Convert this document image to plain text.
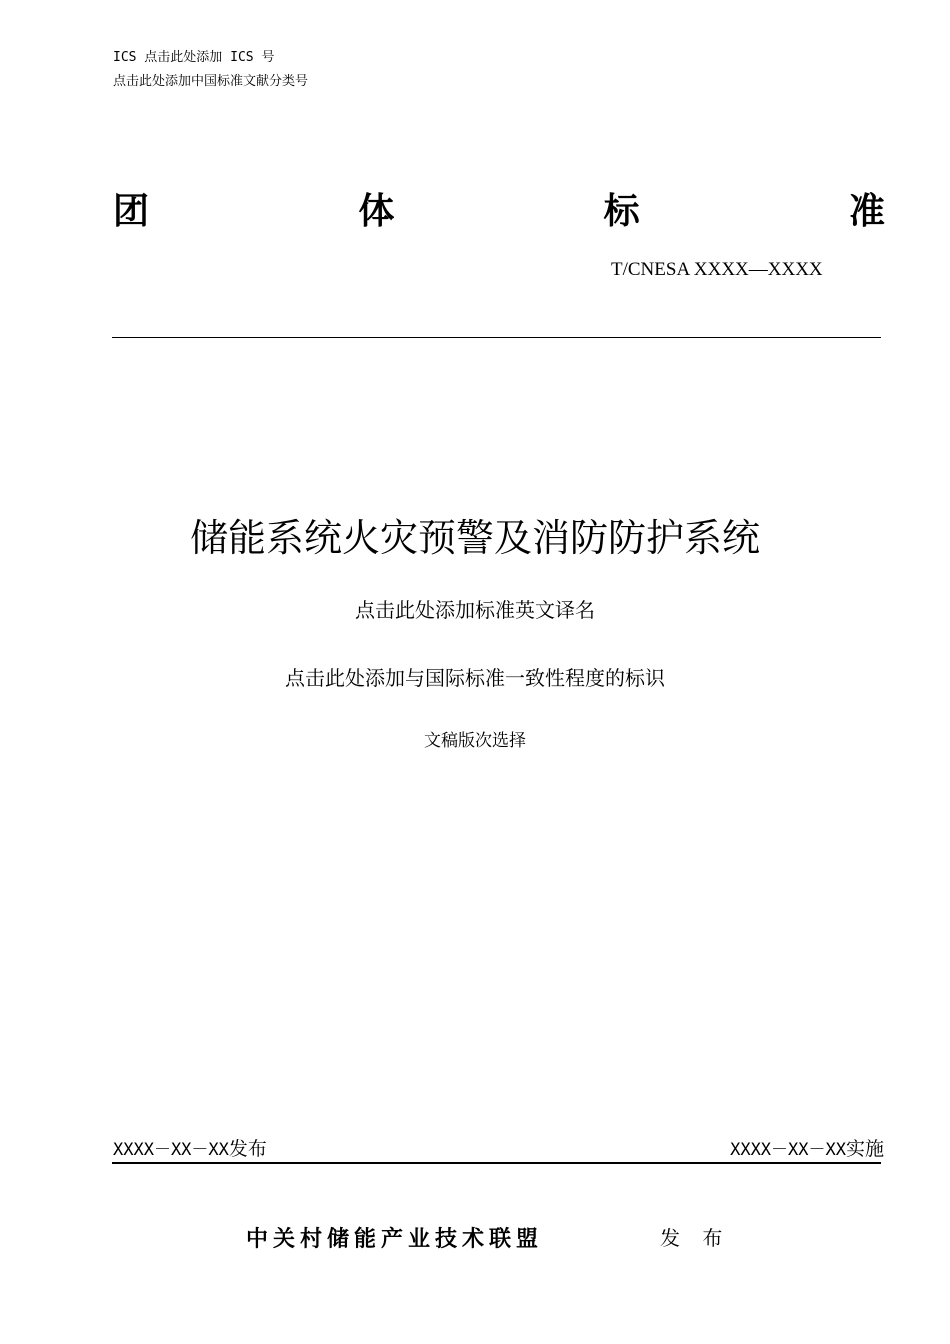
ICS 点击此处添加 ICS 号
点击此处添加中国标准文献分类号
团	体	标	准
T/CNESA XXXX—XXXX
储能系统火灾预警及消防防护系统
点击此处添加标准英文译名
点击此处添加与国际标准一致性程度的标识
文稿版次选择
XXXX－XX－XX发布	XXXX－XX－XX实施
中关村储能产业技术联盟	发 布
